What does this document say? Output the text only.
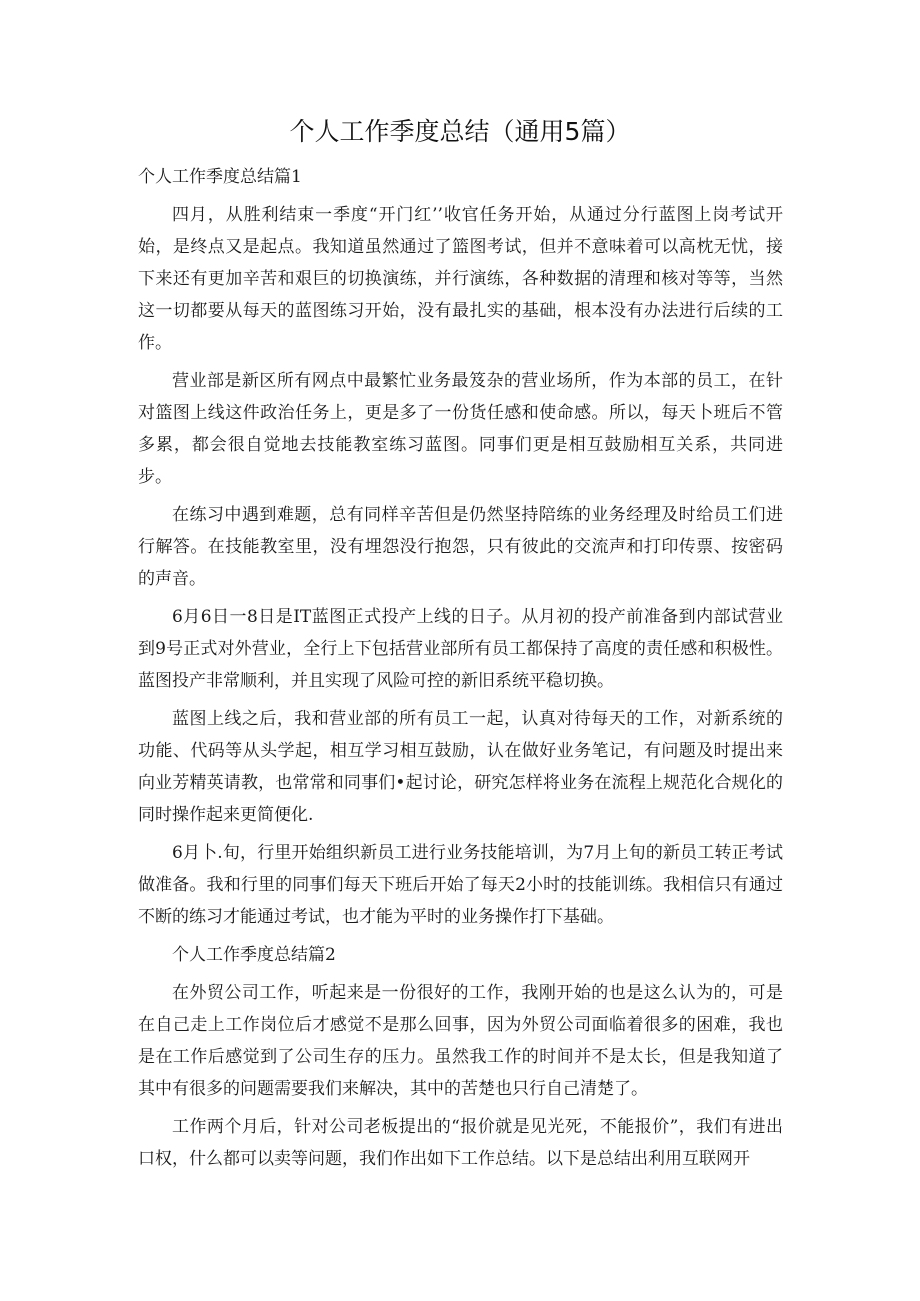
个人工作季度总结（通用5篇）

个人工作季度总结篇1

四月，从胜利结束一季度“开门红’’收官任务开始，从通过分行蓝图上岗考试开始，是终点又是起点。我知道虽然通过了篮图考试，但并不意味着可以高枕无忧，接下来还有更加辛苦和艰巨的切换演练，并行演练，各种数据的清理和核对等等，当然这一切都要从每天的蓝图练习开始，没有最扎实的基础，根本没有办法进行后续的工作。

营业部是新区所有网点中最繁忙业务最笈杂的营业场所，作为本部的员工，在针对篮图上线这件政治任务上，更是多了一份货任感和使命感。所以，每天卜班后不管多累，都会很自觉地去技能教室练习蓝图。同事们更是相互鼓励相互关系，共同进步。

在练习中遇到难题，总有同样辛苦但是仍然坚持陪练的业务经理及时给员工们进行解答。在技能教室里，没有埋怨没行抱怨，只有彼此的交流声和打印传票、按密码的声音。

6月6日一8日是IT蓝图正式投产上线的日子。从月初的投产前准备到内部试营业到9号正式对外营业，全行上下包括营业部所有员工都保持了高度的责任感和积极性。蓝图投产非常顺利，并且实现了风险可控的新旧系统平稳切换。

蓝图上线之后，我和营业部的所有员工一起，认真对待每天的工作，对新系统的功能、代码等从头学起，相互学习相互鼓励，认在做好业务笔记，有问题及时提出来向业芳精英请教，也常常和同事们•起讨论，研究怎样将业务在流程上规范化合规化的同时操作起来更简便化.

6月卜.旬，行里开始组织新员工进行业务技能培训，为7月上旬的新员工转正考试做准备。我和行里的同事们每天下班后开始了每天2小时的技能训练。我相信只有通过不断的练习才能通过考试，也才能为平时的业务操作打下基础。

个人工作季度总结篇2

在外贸公司工作，听起来是一份很好的工作，我刚开始的也是这么认为的，可是在自己走上工作岗位后才感觉不是那么回事，因为外贸公司面临着很多的困难，我也是在工作后感觉到了公司生存的压力。虽然我工作的时间并不是太长，但是我知道了其中有很多的问题需要我们来解决，其中的苦楚也只行自己清楚了。

工作两个月后，针对公司老板提出的“报价就是见光死，不能报价”，我们有进出口权，什么都可以卖等问题，我们作出如下工作总结。以下是总结出利用互联网开
